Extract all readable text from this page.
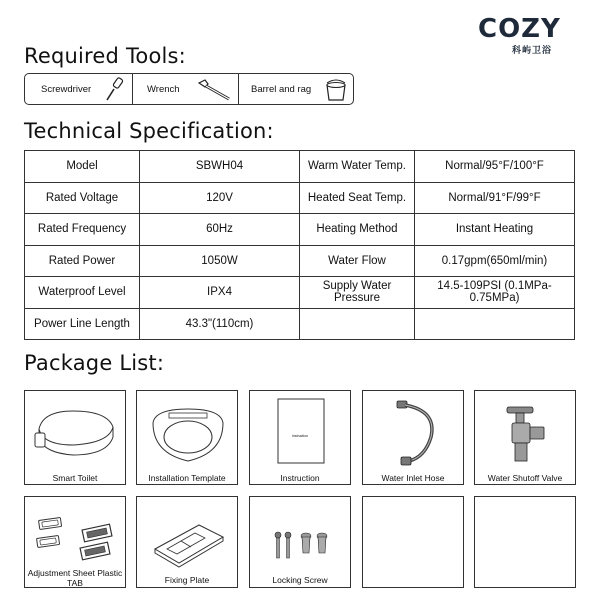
COZY
科屿卫浴
Required Tools:
Screwdriver	Wrench	Barrel and rag
Technical Specification:
Model	SBWH04	Warm Water Temp.	Normal/95°F/100°F
Rated Voltage	120V	Heated Seat Temp.	Normal/91°F/99°F
Rated Frequency	60Hz	Heating Method	Instant Heating
Rated Power	1050W	Water Flow	0.17gpm(650ml/min)
Waterproof Level	IPX4	Supply Water Pressure	14.5-109PSI (0.1MPa-0.75MPa)
Power Line Length	43.3"(110cm)		
Package List:
Smart Toilet	Installation Template
Instruction
Instruction	Water Inlet Hose	Water Shutoff Valve
Adjustment Sheet Plastic TAB	Fixing Plate	Locking Screw
